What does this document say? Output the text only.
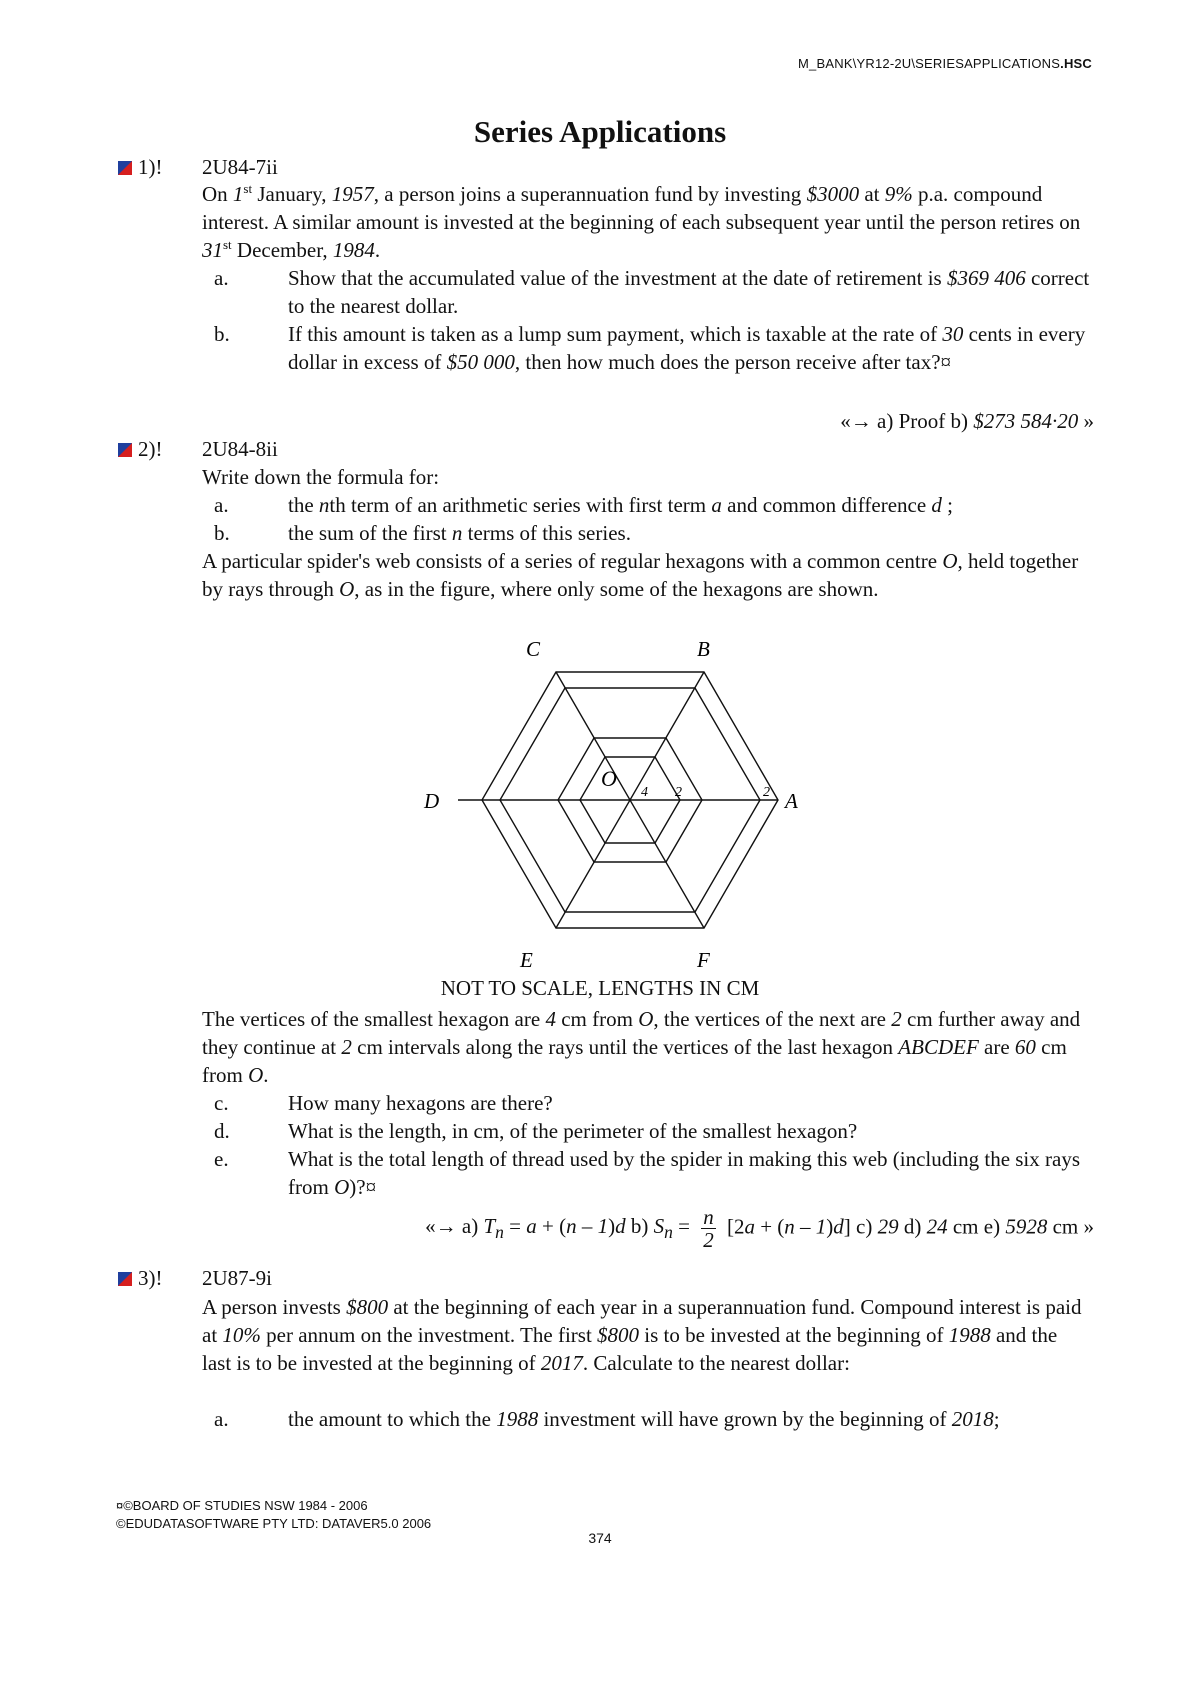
M_BANK\YR12-2U\SERIESAPPLICATIONS.HSC
Series Applications
1)! 2U84-7ii
On 1st January, 1957, a person joins a superannuation fund by investing $3000 at 9% p.a. compound interest. A similar amount is invested at the beginning of each subsequent year until the person retires on 31st December, 1984.
a.	Show that the accumulated value of the investment at the date of retirement is $369 406 correct to the nearest dollar.
b.	If this amount is taken as a lump sum payment, which is taxable at the rate of 30 cents in every dollar in excess of $50 000, then how much does the person receive after tax?¤
«→ a) Proof b) $273 584·20 »
2)! 2U84-8ii
Write down the formula for:
a.	the nth term of an arithmetic series with first term a and common difference d ;
b.	the sum of the first n terms of this series.
A particular spider's web consists of a series of regular hexagons with a common centre O, held together by rays through O, as in the figure, where only some of the hexagons are shown.
C	B
D	A
E	F
O
4 2	2
NOT TO SCALE, LENGTHS IN CM
The vertices of the smallest hexagon are 4 cm from O, the vertices of the next are 2 cm further away and they continue at 2 cm intervals along the rays until the vertices of the last hexagon ABCDEF are 60 cm from O.
c.	How many hexagons are there?
d.	What is the length, in cm, of the perimeter of the smallest hexagon?
e.	What is the total length of thread used by the spider in making this web (including the six rays from O)?¤
«→ a) $T_n = a + (n - 1)d$ b) $S_n = \frac{n}{2} [2a + (n - 1)d]$ c) 29 d) 24 cm e) 5928 cm »
3)! 2U87-9i
A person invests $800 at the beginning of each year in a superannuation fund. Compound interest is paid at 10% per annum on the investment. The first $800 is to be invested at the beginning of 1988 and the last is to be invested at the beginning of 2017. Calculate to the nearest dollar:
a.	the amount to which the 1988 investment will have grown by the beginning of 2018;
¤©BOARD OF STUDIES NSW 1984 - 2006
©EDUDATASOFTWARE PTY LTD: DATAVER5.0 2006
374
